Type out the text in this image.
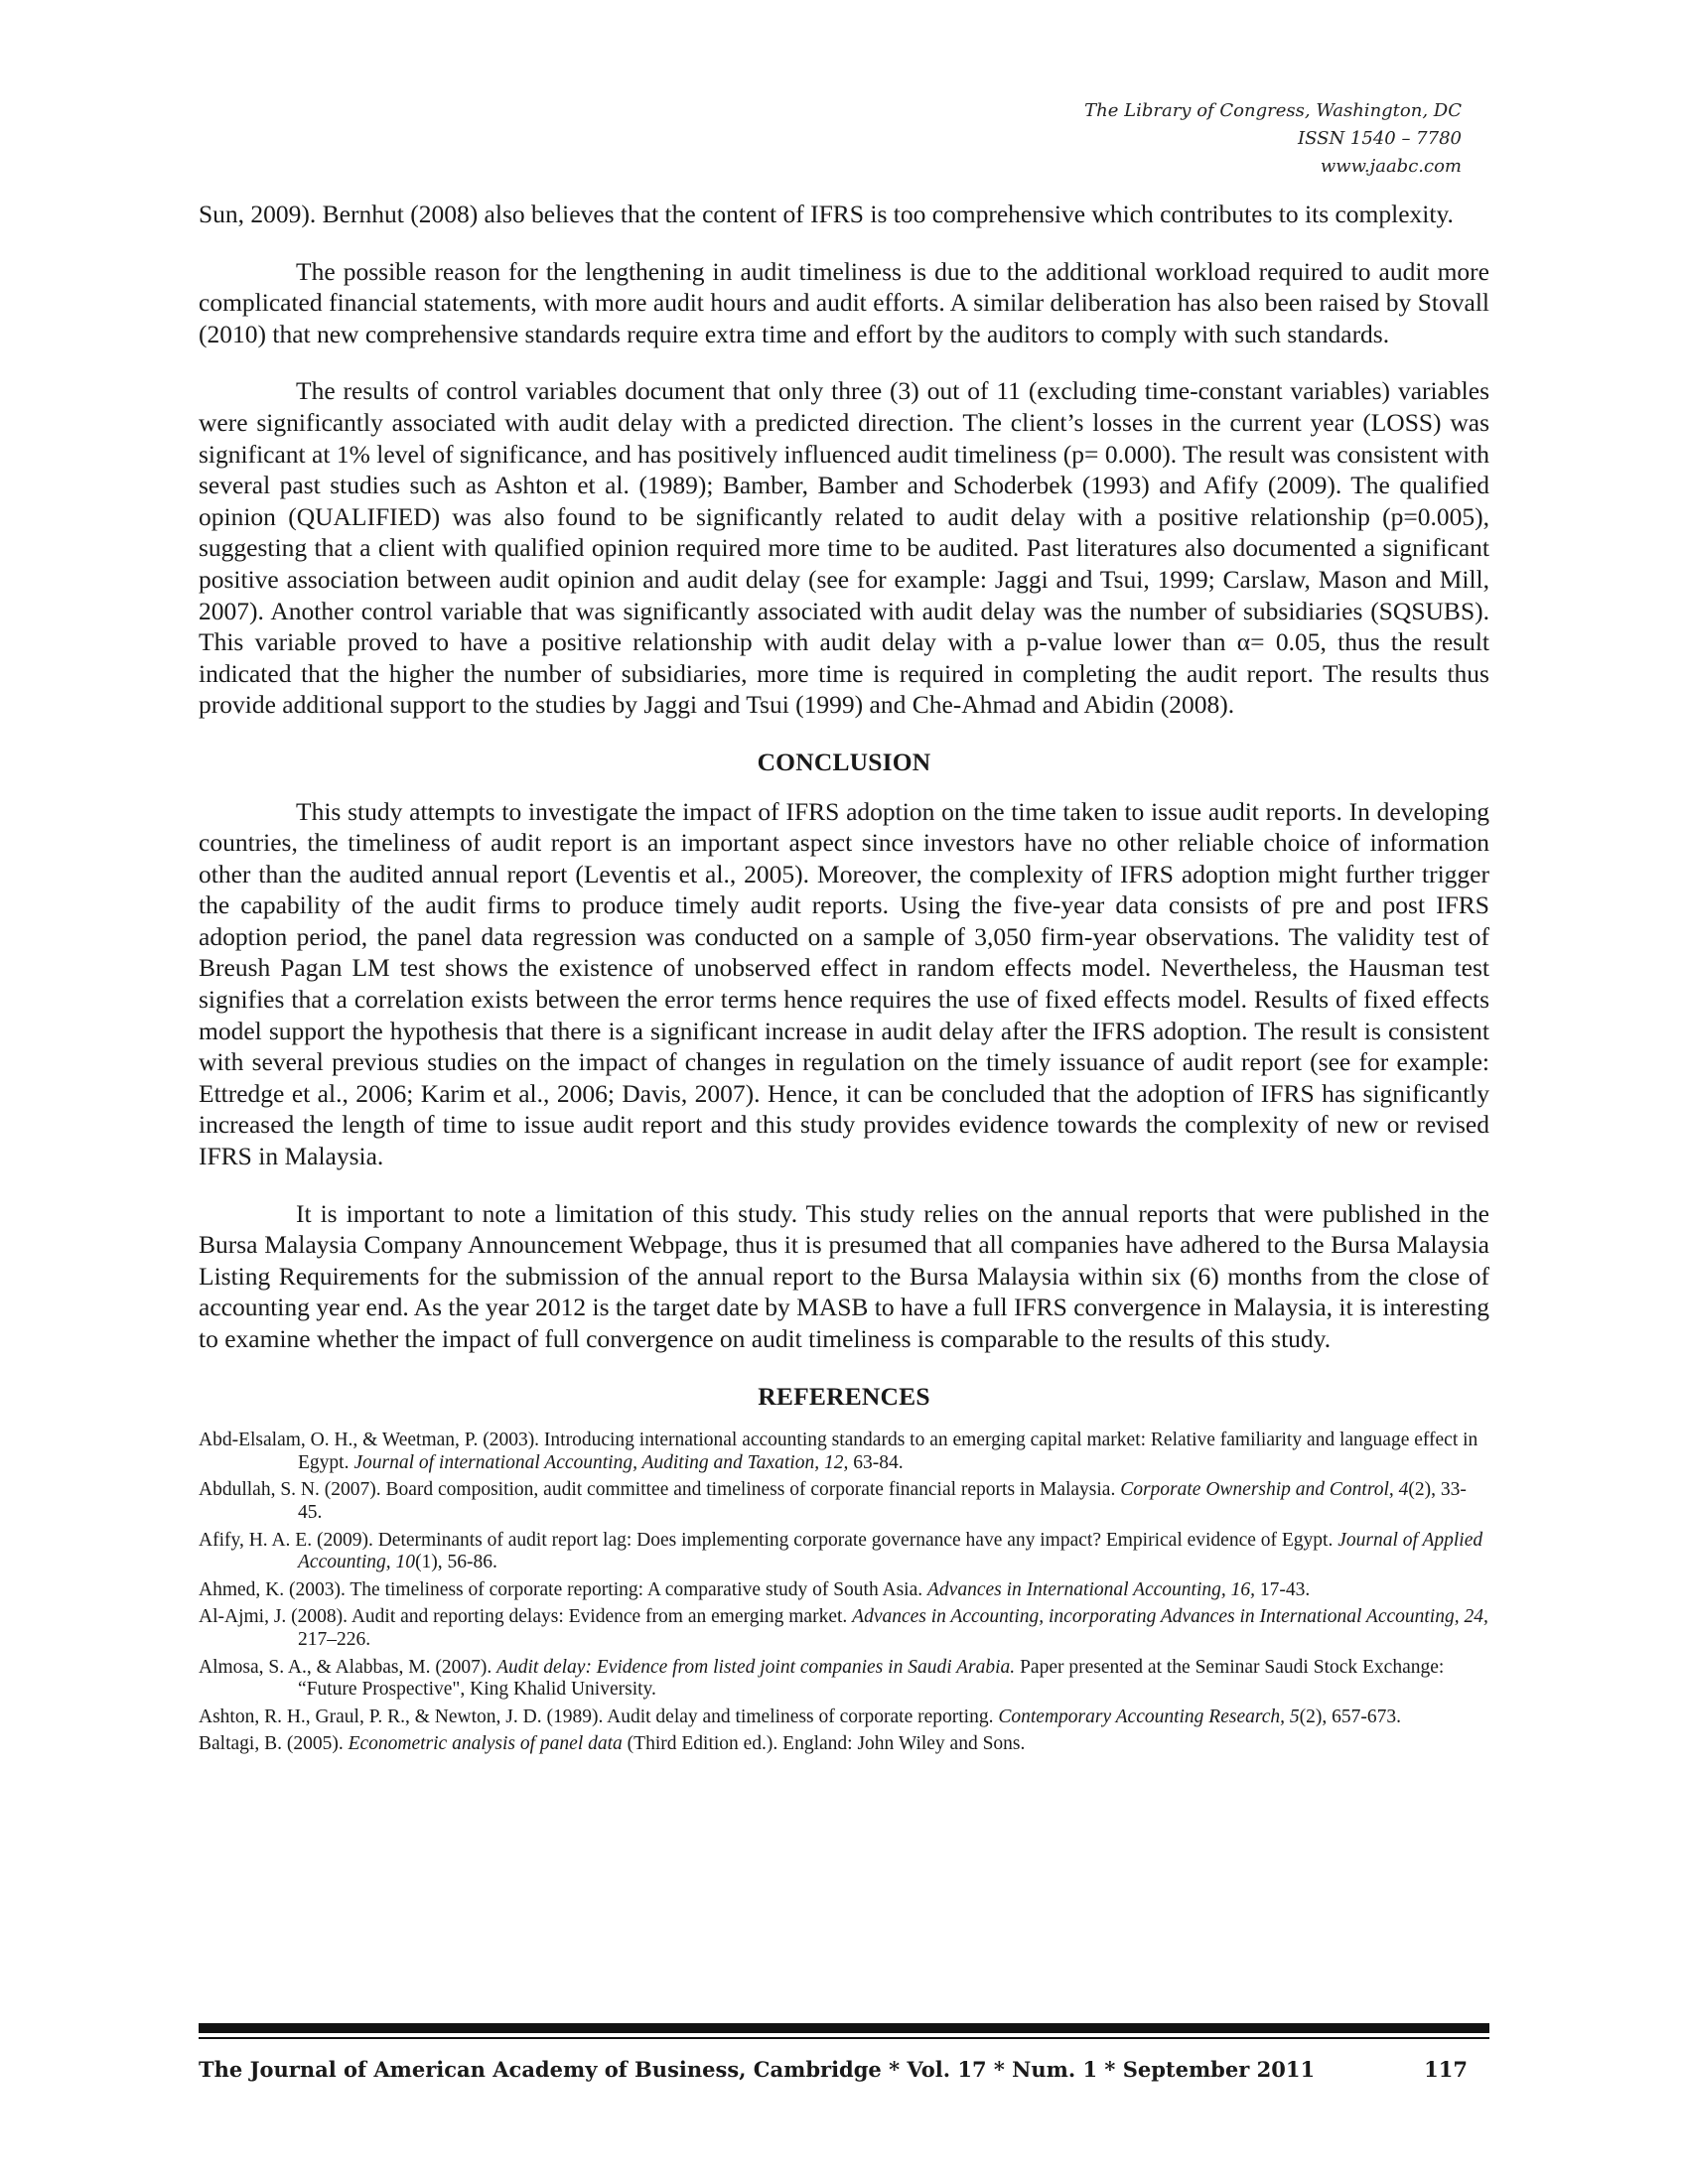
The Library of Congress, Washington, DC
ISSN 1540 – 7780
www.jaabc.com

Sun, 2009). Bernhut (2008) also believes that the content of IFRS is too comprehensive which contributes to its complexity.

The possible reason for the lengthening in audit timeliness is due to the additional workload required to audit more complicated financial statements, with more audit hours and audit efforts. A similar deliberation has also been raised by Stovall (2010) that new comprehensive standards require extra time and effort by the auditors to comply with such standards.

The results of control variables document that only three (3) out of 11 (excluding time-constant variables) variables were significantly associated with audit delay with a predicted direction. The client’s losses in the current year (LOSS) was significant at 1% level of significance, and has positively influenced audit timeliness (p= 0.000). The result was consistent with several past studies such as Ashton et al. (1989); Bamber, Bamber and Schoderbek (1993) and Afify (2009). The qualified opinion (QUALIFIED) was also found to be significantly related to audit delay with a positive relationship (p=0.005), suggesting that a client with qualified opinion required more time to be audited. Past literatures also documented a significant positive association between audit opinion and audit delay (see for example: Jaggi and Tsui, 1999; Carslaw, Mason and Mill, 2007). Another control variable that was significantly associated with audit delay was the number of subsidiaries (SQSUBS). This variable proved to have a positive relationship with audit delay with a p-value lower than α= 0.05, thus the result indicated that the higher the number of subsidiaries, more time is required in completing the audit report. The results thus provide additional support to the studies by Jaggi and Tsui (1999) and Che-Ahmad and Abidin (2008).

CONCLUSION

This study attempts to investigate the impact of IFRS adoption on the time taken to issue audit reports. In developing countries, the timeliness of audit report is an important aspect since investors have no other reliable choice of information other than the audited annual report (Leventis et al., 2005). Moreover, the complexity of IFRS adoption might further trigger the capability of the audit firms to produce timely audit reports. Using the five-year data consists of pre and post IFRS adoption period, the panel data regression was conducted on a sample of 3,050 firm-year observations. The validity test of Breush Pagan LM test shows the existence of unobserved effect in random effects model. Nevertheless, the Hausman test signifies that a correlation exists between the error terms hence requires the use of fixed effects model. Results of fixed effects model support the hypothesis that there is a significant increase in audit delay after the IFRS adoption. The result is consistent with several previous studies on the impact of changes in regulation on the timely issuance of audit report (see for example: Ettredge et al., 2006; Karim et al., 2006; Davis, 2007). Hence, it can be concluded that the adoption of IFRS has significantly increased the length of time to issue audit report and this study provides evidence towards the complexity of new or revised IFRS in Malaysia.

It is important to note a limitation of this study. This study relies on the annual reports that were published in the Bursa Malaysia Company Announcement Webpage, thus it is presumed that all companies have adhered to the Bursa Malaysia Listing Requirements for the submission of the annual report to the Bursa Malaysia within six (6) months from the close of accounting year end. As the year 2012 is the target date by MASB to have a full IFRS convergence in Malaysia, it is interesting to examine whether the impact of full convergence on audit timeliness is comparable to the results of this study.

REFERENCES
Abd-Elsalam, O. H., & Weetman, P. (2003). Introducing international accounting standards to an emerging capital market: Relative familiarity and language effect in Egypt. Journal of international Accounting, Auditing and Taxation, 12, 63-84.
Abdullah, S. N. (2007). Board composition, audit committee and timeliness of corporate financial reports in Malaysia. Corporate Ownership and Control, 4(2), 33-45.
Afify, H. A. E. (2009). Determinants of audit report lag: Does implementing corporate governance have any impact? Empirical evidence of Egypt. Journal of Applied Accounting, 10(1), 56-86.
Ahmed, K. (2003). The timeliness of corporate reporting: A comparative study of South Asia. Advances in International Accounting, 16, 17-43.
Al-Ajmi, J. (2008). Audit and reporting delays: Evidence from an emerging market. Advances in Accounting, incorporating Advances in International Accounting, 24, 217–226.
Almosa, S. A., & Alabbas, M. (2007). Audit delay: Evidence from listed joint companies in Saudi Arabia. Paper presented at the Seminar Saudi Stock Exchange: “Future Prospective", King Khalid University.
Ashton, R. H., Graul, P. R., & Newton, J. D. (1989). Audit delay and timeliness of corporate reporting. Contemporary Accounting Research, 5(2), 657-673.
Baltagi, B. (2005). Econometric analysis of panel data (Third Edition ed.). England: John Wiley and Sons.
The Journal of American Academy of Business, Cambridge * Vol. 17 * Num. 1 * September 2011	117
